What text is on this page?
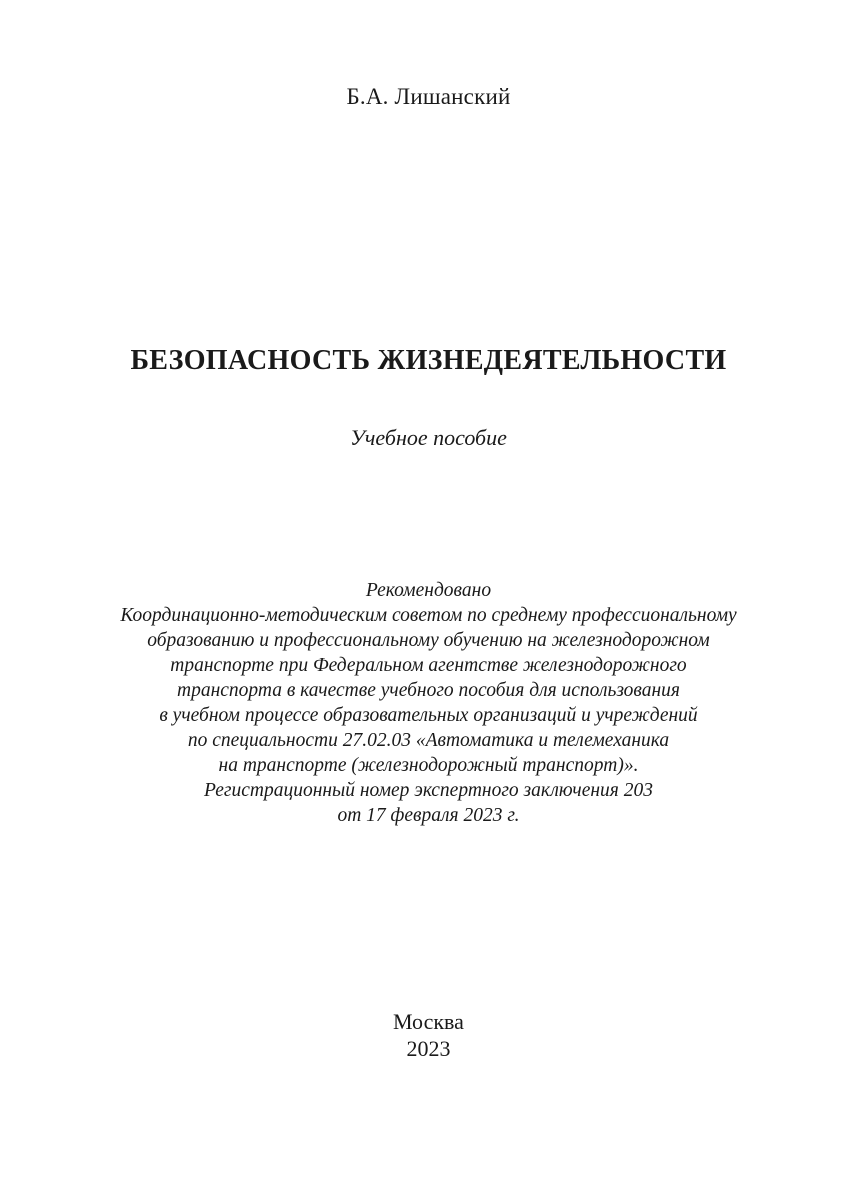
Б.А. Лишанский
БЕЗОПАСНОСТЬ ЖИЗНЕДЕЯТЕЛЬНОСТИ
Учебное пособие
Рекомендовано
Координационно-методическим советом по среднему профессиональному
образованию и профессиональному обучению на железнодорожном
транспорте при Федеральном агентстве железнодорожного
транспорта в качестве учебного пособия для использования
в учебном процессе образовательных организаций и учреждений
по специальности 27.02.03 «Автоматика и телемеханика
на транспорте (железнодорожный транспорт)».
Регистрационный номер экспертного заключения 203
от 17 февраля 2023 г.
Москва
2023
